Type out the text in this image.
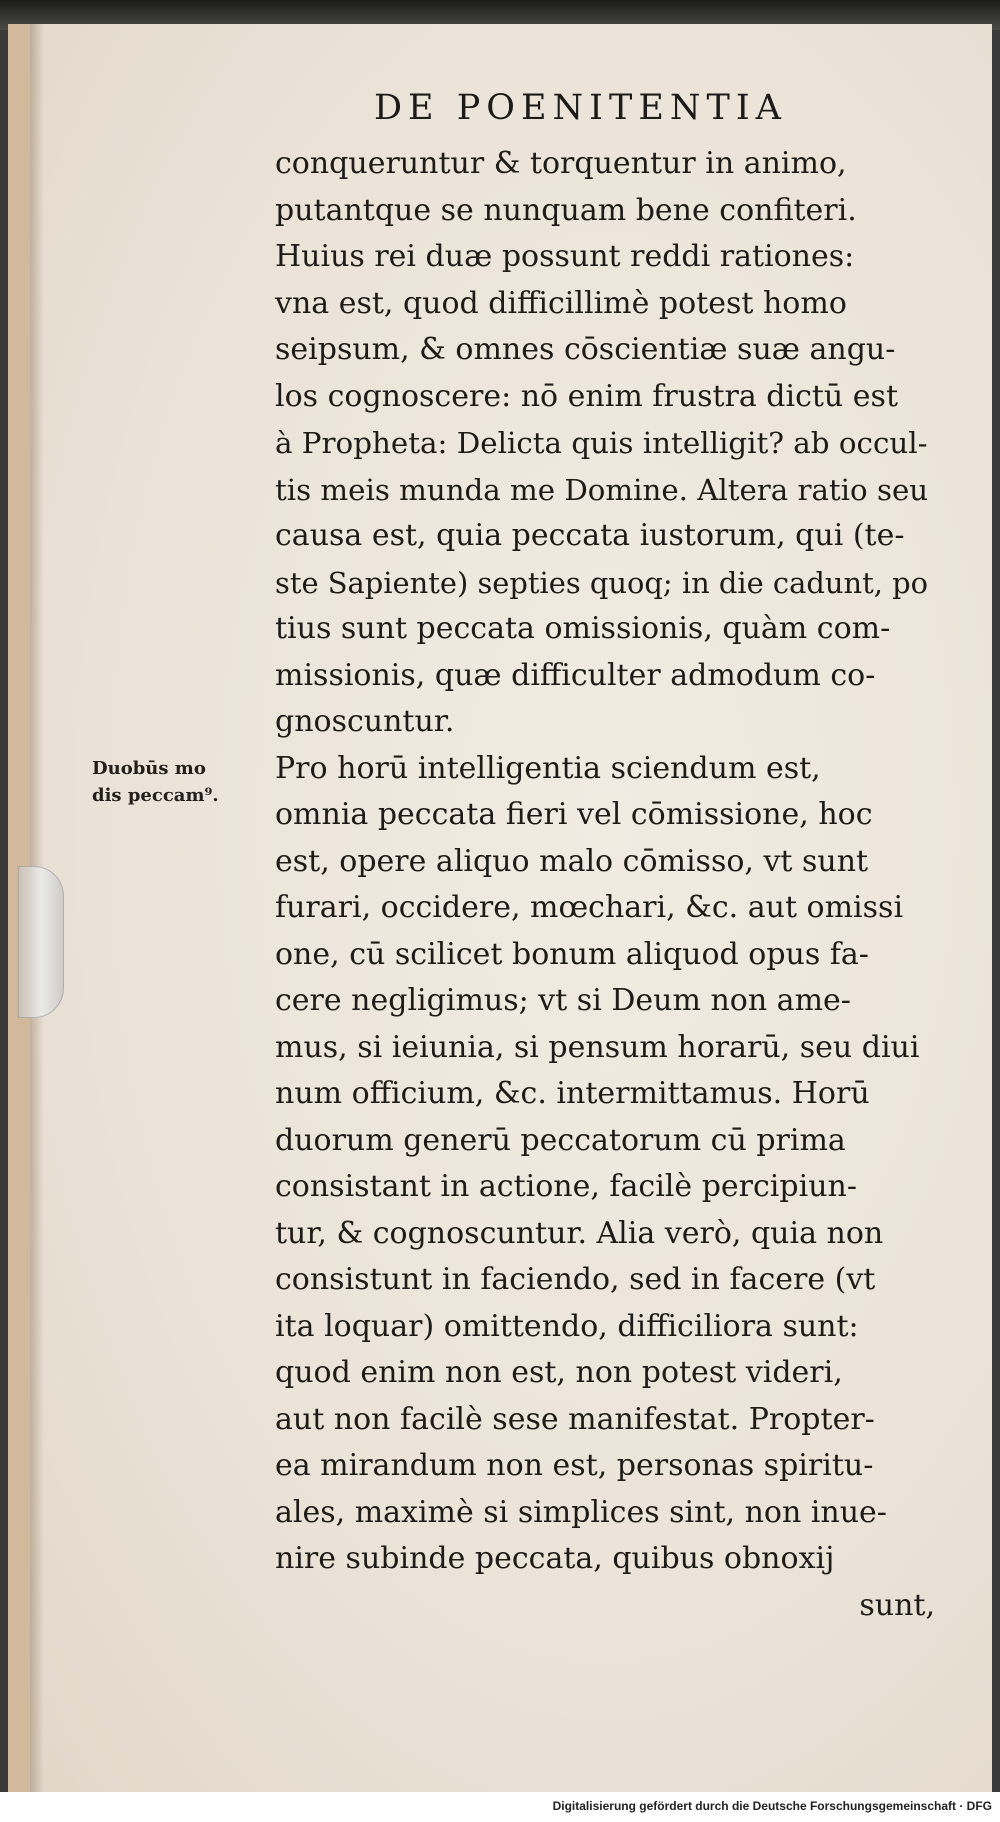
DE POENITENTIA
Duobūs mo
dis peccam⁹.
conqueruntur & torquentur in animo,
putantque se nunquam bene confiteri.
Huius rei duæ possunt reddi rationes:
vna est, quod difficillimè potest homo
seipsum, & omnes cōscientiæ suæ angu-
los cognoscere: nō enim frustra dictū est
à Propheta: Delicta quis intelligit? ab occul-
tis meis munda me Domine. Altera ratio seu
causa est, quia peccata iustorum, qui (te-
ste Sapiente) septies quoq; in die cadunt, po
tius sunt peccata omissionis, quàm com-
missionis, quæ difficulter admodum co-
gnoscuntur.
Pro horū intelligentia sciendum est,
omnia peccata fieri vel cōmissione, hoc
est, opere aliquo malo cōmisso, vt sunt
furari, occidere, mœchari, &c. aut omissi
one, cū scilicet bonum aliquod opus fa-
cere negligimus; vt si Deum non ame-
mus, si ieiunia, si pensum horarū, seu diui
num officium, &c. intermittamus. Horū
duorum generū peccatorum cū prima
consistant in actione, facilè percipiun-
tur, & cognoscuntur. Alia verò, quia non
consistunt in faciendo, sed in facere (vt
ita loquar) omittendo, difficiliora sunt:
quod enim non est, non potest videri,
aut non facilè sese manifestat. Propter-
ea mirandum non est, personas spiritu-
ales, maximè si simplices sint, non inue-
nire subinde peccata, quibus obnoxij
sunt,
Digitalisierung gefördert durch die Deutsche Forschungsgemeinschaft · DFG
